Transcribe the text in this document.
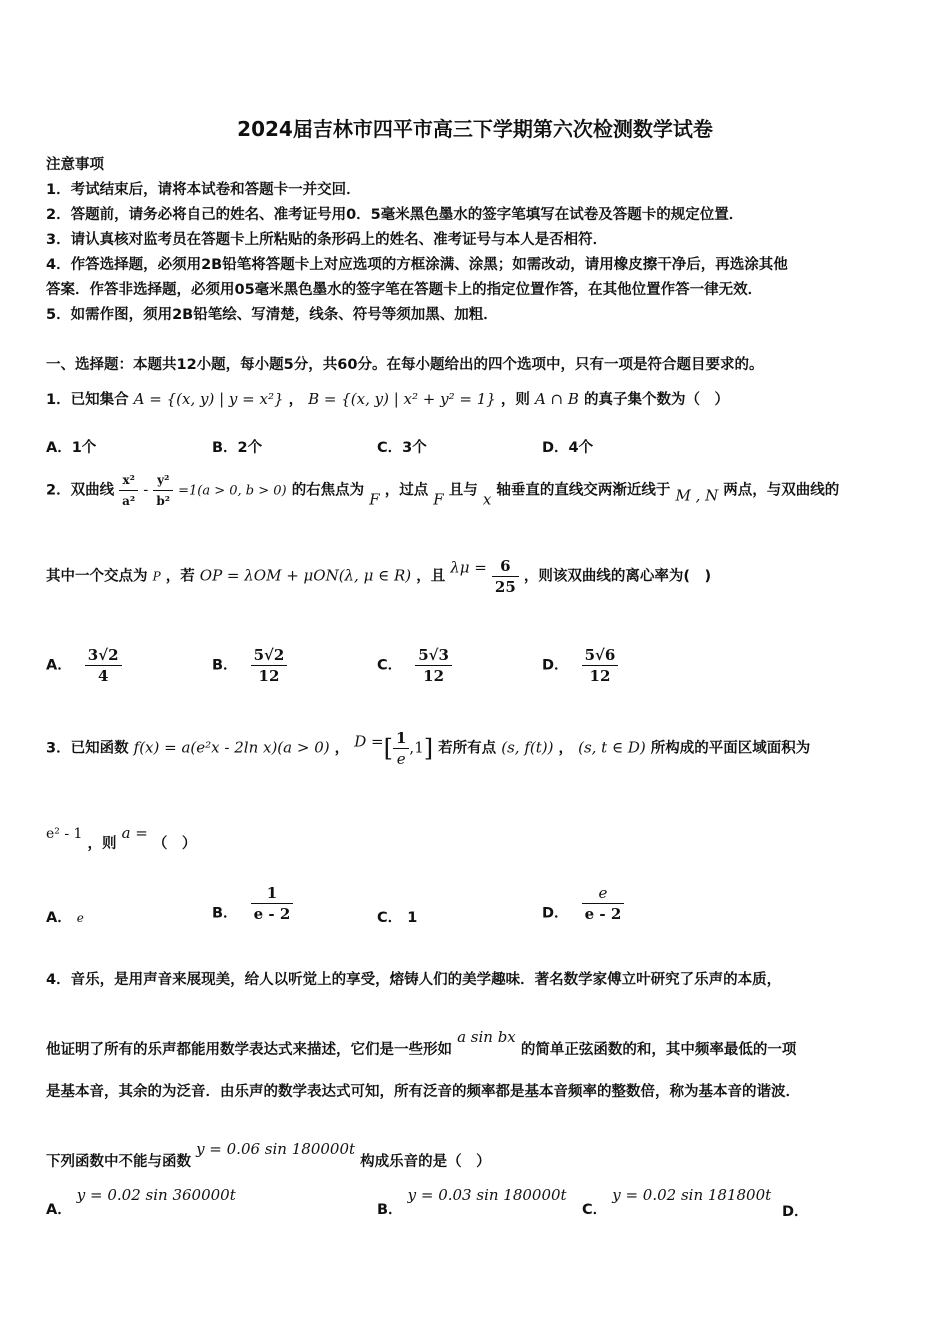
2024届吉林市四平市高三下学期第六次检测数学试卷
注意事项
1．考试结束后，请将本试卷和答题卡一并交回．
2．答题前，请务必将自己的姓名、准考证号用0．5毫米黑色墨水的签字笔填写在试卷及答题卡的规定位置．
3．请认真核对监考员在答题卡上所粘贴的条形码上的姓名、准考证号与本人是否相符．
4．作答选择题，必须用2B铅笔将答题卡上对应选项的方框涂满、涂黑；如需改动，请用橡皮擦干净后，再选涂其他
答案．作答非选择题，必须用05毫米黑色墨水的签字笔在答题卡上的指定位置作答，在其他位置作答一律无效．
5．如需作图，须用2B铅笔绘、写清楚，线条、符号等须加黑、加粗．
一、选择题：本题共12小题，每小题5分，共60分。在每小题给出的四个选项中，只有一项是符合题目要求的。
1．已知集合 A = {(x, y) | y = x²} ， B = {(x, y) | x² + y² = 1} ，则 A ∩ B 的真子集个数为（　）
A．1个	B．2个	C．3个	D．4个
2．双曲线 $\frac{\text{x²}}{\text{a²}} - \frac{\text{y²}}{\text{b²}} =1(a > 0$, b > 0) 的右焦点为 F ，过点 F 且与 x 轴垂直的直线交两渐近线于 M , N 两点，与双曲线的
其中一个交点为 P ，若 OP = λOM + μON(λ, μ ∈ R) ，且 $\lambda\mu = \frac{6}{25}$ ，则该双曲线的离心率为(　)
A． $\frac{3√2}{4}$	B． $\frac{5√2}{12}$	C． $\frac{5√3}{12}$	D． $\frac{5√6}{12}$
3．已知函数 f(x) = a(e²x - 2ln x)(a > 0) ， D =[ $\frac{1}{e} ,1$] 若所有点 (s, f(t)) ， (s, t ∈ D) 所构成的平面区域面积为
e² - 1 ，则 a = （　）
A． e	B． $\frac{1}{e - 2}$	C． 1	D． $\frac{e}{e - 2}$
4．音乐，是用声音来展现美，给人以听觉上的享受，熔铸人们的美学趣味．著名数学家傅立叶研究了乐声的本质，
他证明了所有的乐声都能用数学表达式来描述，它们是一些形如 a sin bx 的简单正弦函数的和，其中频率最低的一项
是基本音，其余的为泛音．由乐声的数学表达式可知，所有泛音的频率都是基本音频率的整数倍，称为基本音的谐波．
下列函数中不能与函数 y = 0.06 sin 180000t 构成乐音的是（　）
A． y = 0.02 sin 360000t
B． y = 0.03 sin 180000t
C． y = 0.02 sin 181800t
D．
